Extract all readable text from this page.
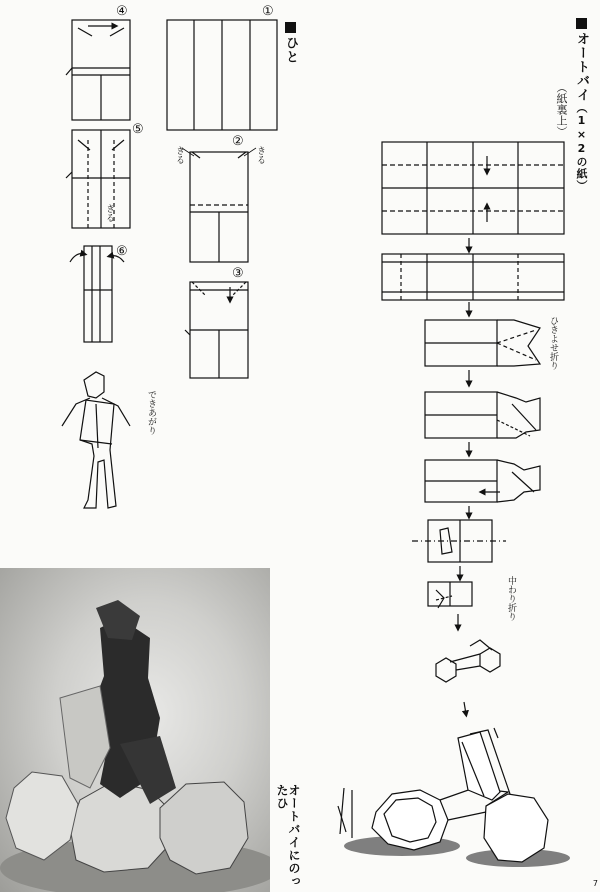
ひと
①
②
③
④
⑤
⑥
きる	きる
きる
できあがり
オートバイ（1×2の紙）
（紙裏上）
ひきよせ折り
中わり折り
オートバイにのったひ
7
